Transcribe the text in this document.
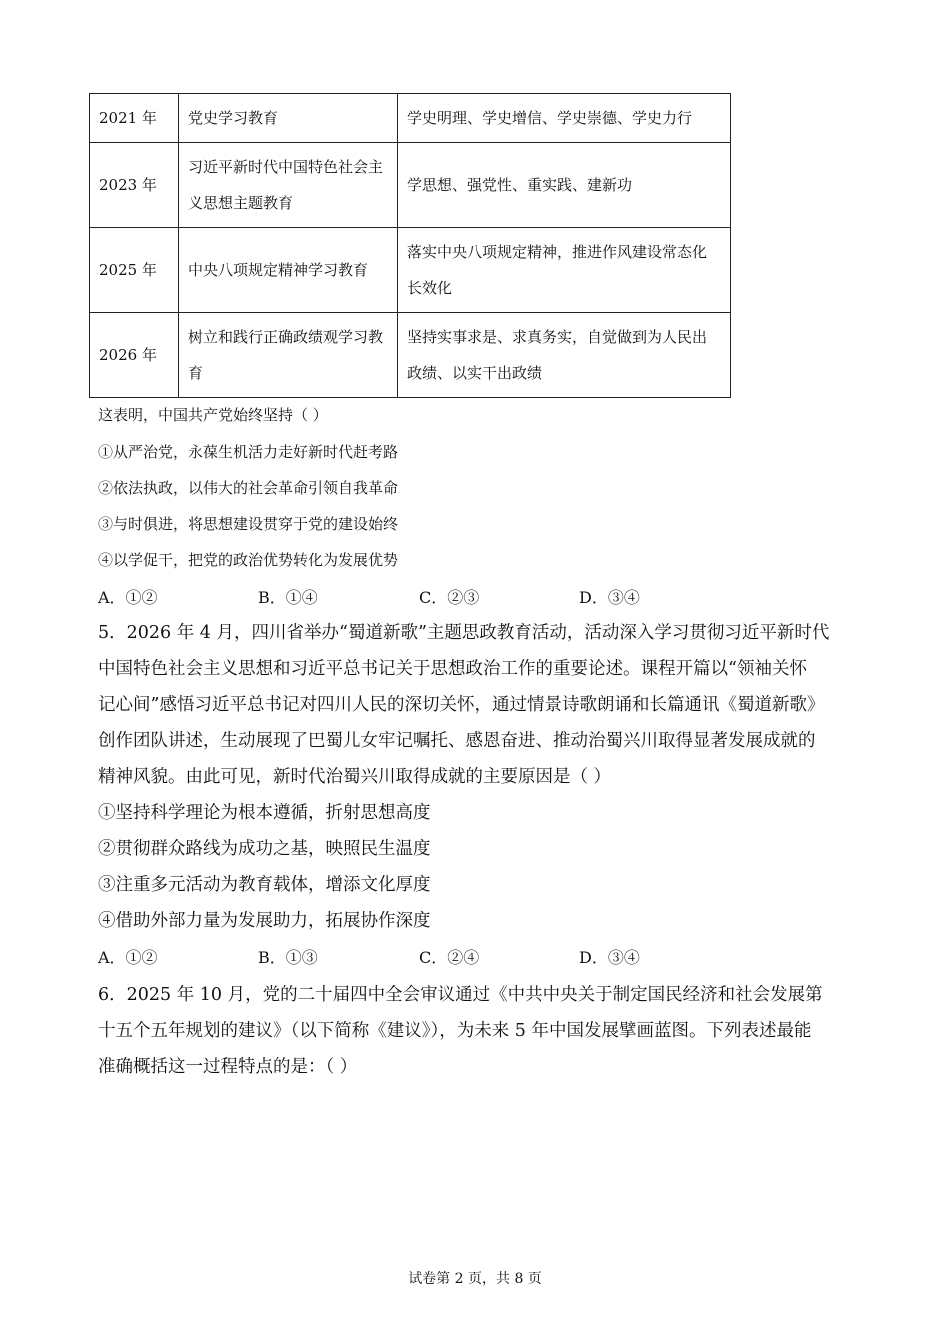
2021 年	党史学习教育	学史明理、学史增信、学史崇德、学史力行
2023 年	习近平新时代中国特色社会主义思想主题教育	学思想、强党性、重实践、建新功
2025 年	中央八项规定精神学习教育	落实中央八项规定精神，推进作风建设常态化长效化
2026 年	树立和践行正确政绩观学习教育	坚持实事求是、求真务实，自觉做到为人民出政绩、以实干出政绩
这表明，中国共产党始终坚持（ ）
①从严治党，永葆生机活力走好新时代赶考路
②依法执政，以伟大的社会革命引领自我革命
③与时俱进，将思想建设贯穿于党的建设始终
④以学促干，把党的政治优势转化为发展优势
A．①②	B．①④	C．②③	D．③④
5．2026 年 4 月，四川省举办“蜀道新歌”主题思政教育活动，活动深入学习贯彻习近平新时代
中国特色社会主义思想和习近平总书记关于思想政治工作的重要论述。课程开篇以“领袖关怀
记心间”感悟习近平总书记对四川人民的深切关怀，通过情景诗歌朗诵和长篇通讯《蜀道新歌》
创作团队讲述，生动展现了巴蜀儿女牢记嘱托、感恩奋进、推动治蜀兴川取得显著发展成就的
精神风貌。由此可见，新时代治蜀兴川取得成就的主要原因是（ ）
①坚持科学理论为根本遵循，折射思想高度
②贯彻群众路线为成功之基，映照民生温度
③注重多元活动为教育载体，增添文化厚度
④借助外部力量为发展助力，拓展协作深度
A．①②	B．①③	C．②④	D．③④
6．2025 年 10 月，党的二十届四中全会审议通过《中共中央关于制定国民经济和社会发展第
十五个五年规划的建议》（以下简称《建议》），为未来 5 年中国发展擘画蓝图。下列表述最能
准确概括这一过程特点的是：（ ）
试卷第 2 页，共 8 页
